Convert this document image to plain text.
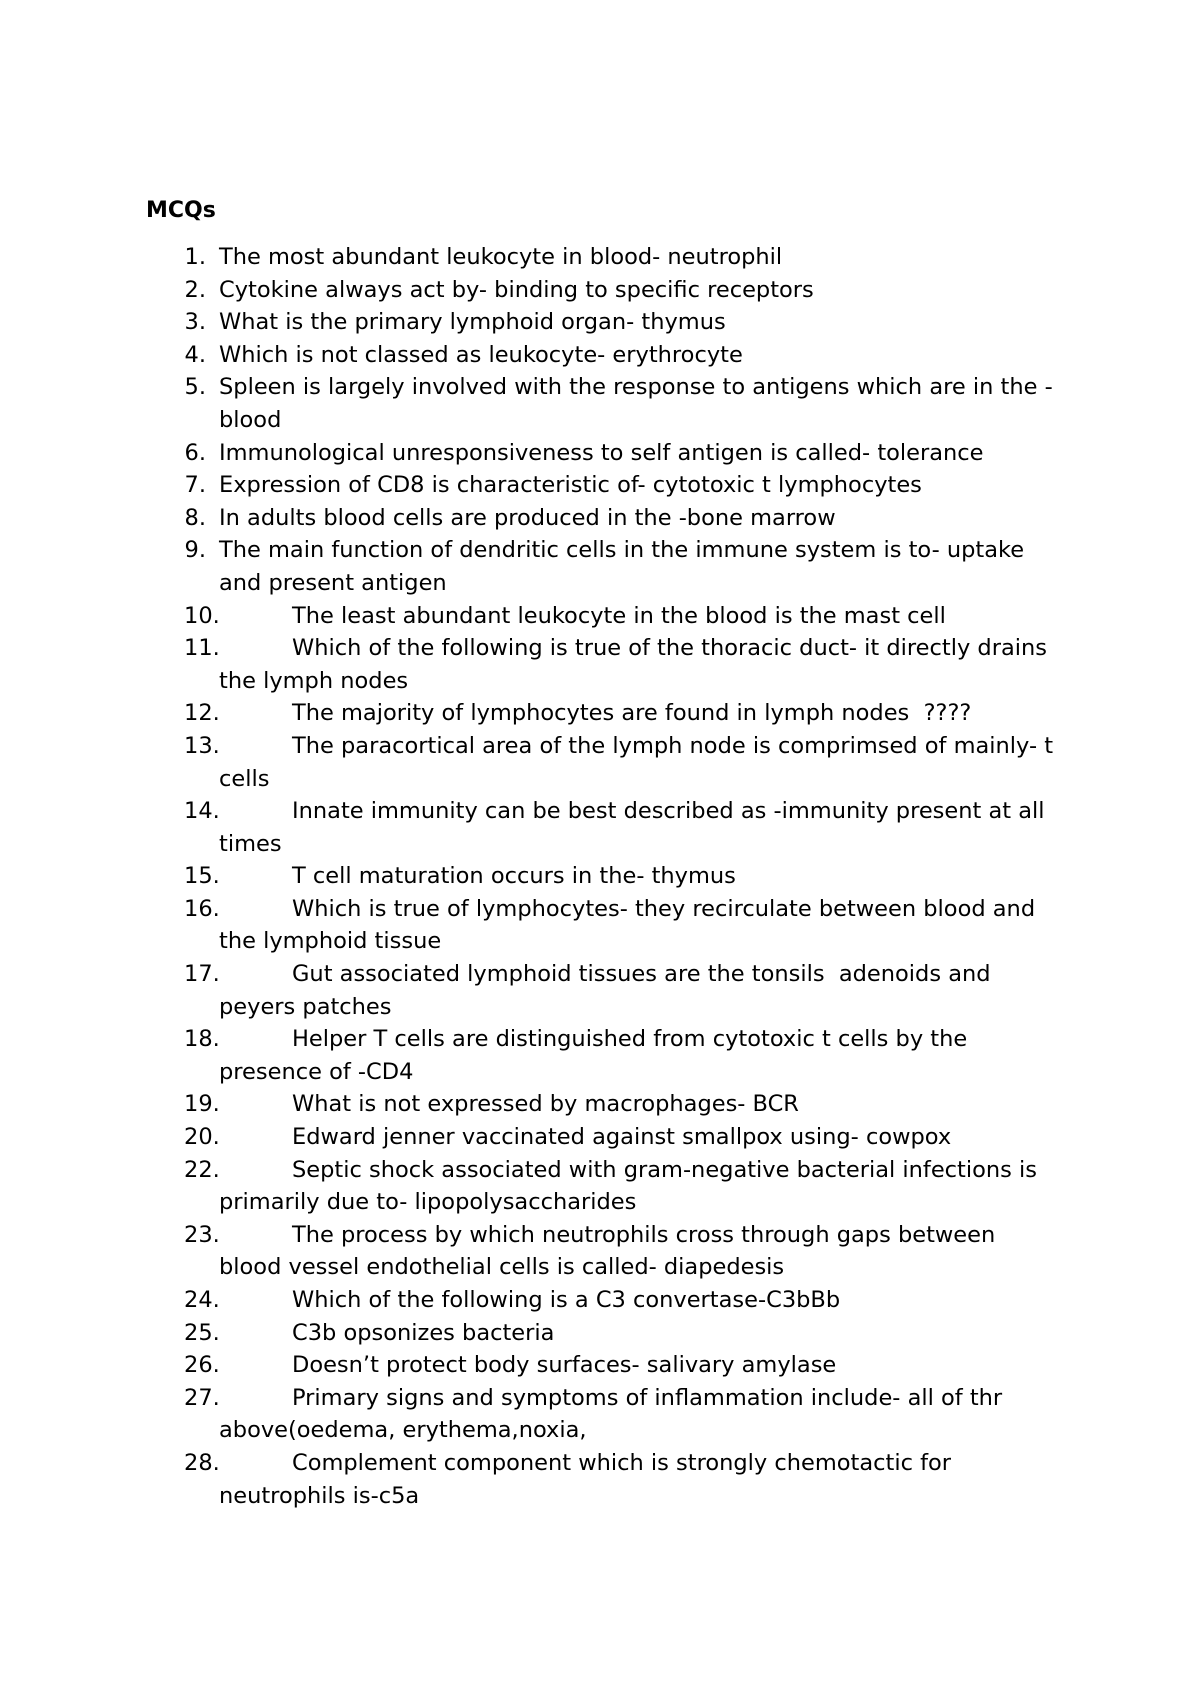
MCQs
1. The most abundant leukocyte in blood- neutrophil
2. Cytokine always act by- binding to specific receptors
3. What is the primary lymphoid organ- thymus
4. Which is not classed as leukocyte- erythrocyte
5. Spleen is largely involved with the response to antigens which are in the -blood
6. Immunological unresponsiveness to self antigen is called- tolerance
7. Expression of CD8 is characteristic of- cytotoxic t lymphocytes
8. In adults blood cells are produced in the -bone marrow
9. The main function of dendritic cells in the immune system is to- uptake and present antigen
10.	The least abundant leukocyte in the blood is the mast cell
11.	Which of the following is true of the thoracic duct- it directly drains the lymph nodes
12.	The majority of lymphocytes are found in lymph nodes  ????
13.	The paracortical area of the lymph node is comprimsed of mainly- t cells
14.	Innate immunity can be best described as -immunity present at all times
15.	T cell maturation occurs in the- thymus
16.	Which is true of lymphocytes- they recirculate between blood and the lymphoid tissue
17.	Gut associated lymphoid tissues are the tonsils  adenoids and peyers patches
18.	Helper T cells are distinguished from cytotoxic t cells by the presence of -CD4
19.	What is not expressed by macrophages- BCR
20.	Edward jenner vaccinated against smallpox using- cowpox
22.	Septic shock associated with gram-negative bacterial infections is primarily due to- lipopolysaccharides
23.	The process by which neutrophils cross through gaps between blood vessel endothelial cells is called- diapedesis
24.	Which of the following is a C3 convertase-C3bBb
25.	C3b opsonizes bacteria
26.	Doesn’t protect body surfaces- salivary amylase
27.	Primary signs and symptoms of inflammation include- all of thr above(oedema, erythema,noxia,
28.	Complement component which is strongly chemotactic for neutrophils is-c5a
